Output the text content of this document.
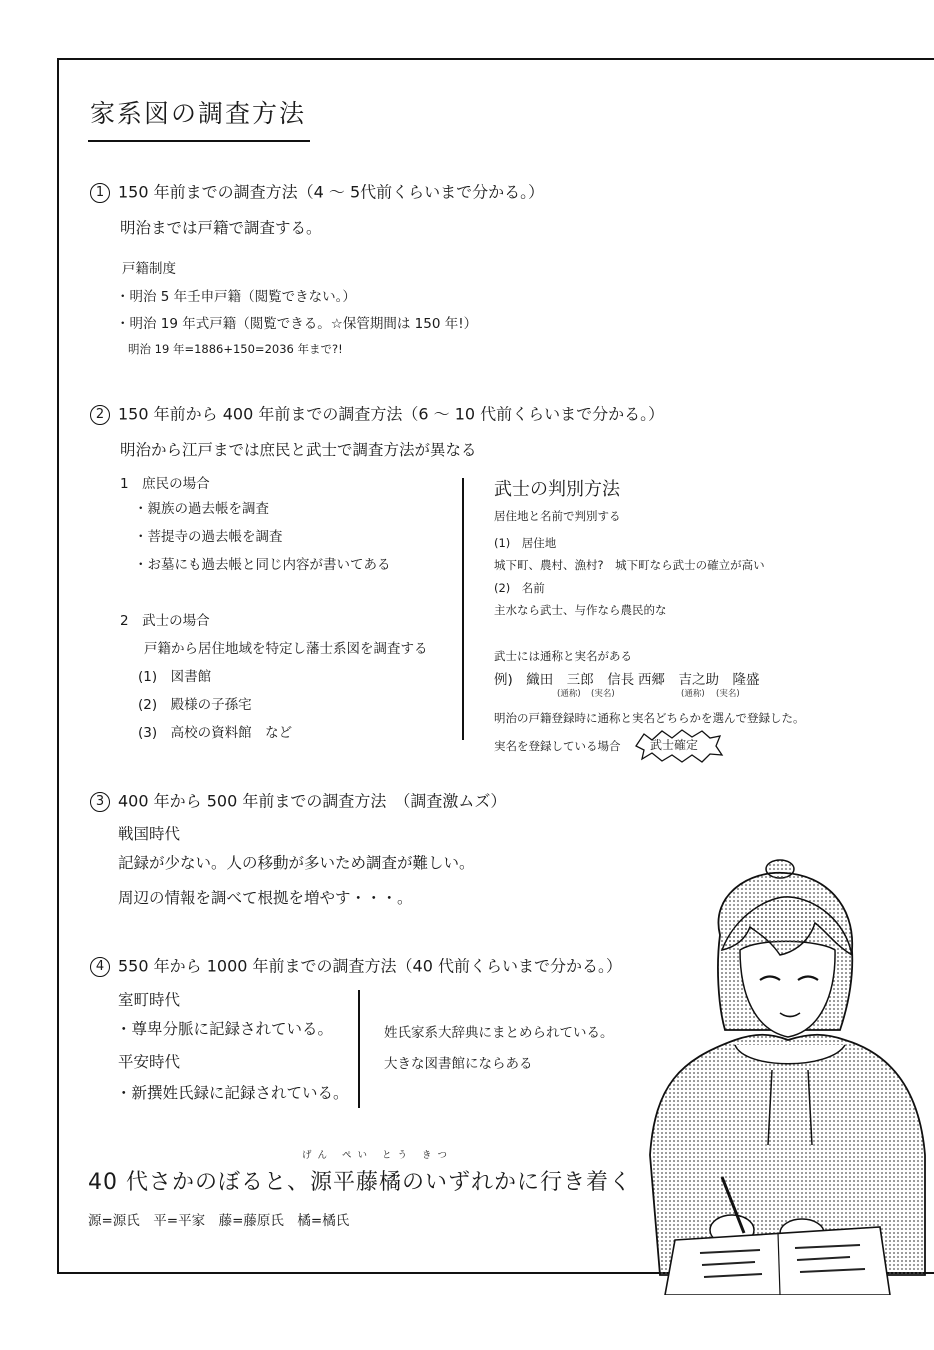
家系図の調査方法
1 150 年前までの調査方法（4 ～ 5代前くらいまで分かる。）
明治までは戸籍で調査する。
戸籍制度
・明治 5 年壬申戸籍（閲覧できない。）
・明治 19 年式戸籍（閲覧できる。☆保管期間は 150 年!）
明治 19 年=1886+150=2036 年まで?!
2 150 年前から 400 年前までの調査方法（6 ～ 10 代前くらいまで分かる。）
明治から江戸までは庶民と武士で調査方法が異なる
1　庶民の場合
・親族の過去帳を調査
・菩提寺の過去帳を調査
・お墓にも過去帳と同じ内容が書いてある
2　武士の場合
戸籍から居住地域を特定し藩士系図を調査する
(1)　図書館
(2)　殿様の子孫宅
(3)　高校の資料館　など
武士の判別方法
居住地と名前で判別する
(1)　居住地
城下町、農村、漁村?　城下町なら武士の確立が高い
(2)　名前
主水なら武士、与作なら農民的な
武士には通称と実名がある
例)　織田　三郎　信長 西郷　吉之助　隆盛
(通称) (実名)	(通称) (実名)
明治の戸籍登録時に通称と実名どちらかを選んで登録した。
実名を登録している場合 武士確定
3 400 年から 500 年前までの調査方法　（調査激ムズ）
戦国時代
記録が少ない。人の移動が多いため調査が難しい。
周辺の情報を調べて根拠を増やす・・・。
4 550 年から 1000 年前までの調査方法（40 代前くらいまで分かる。）
室町時代
・尊卑分脈に記録されている。
平安時代
・新撰姓氏録に記録されている。
姓氏家系大辞典にまとめられている。
大きな図書館にならある
げん ぺい とう きつ
40 代さかのぼると、源平藤橘のいずれかに行き着く
源=源氏　平=平家　藤=藤原氏　橘=橘氏
